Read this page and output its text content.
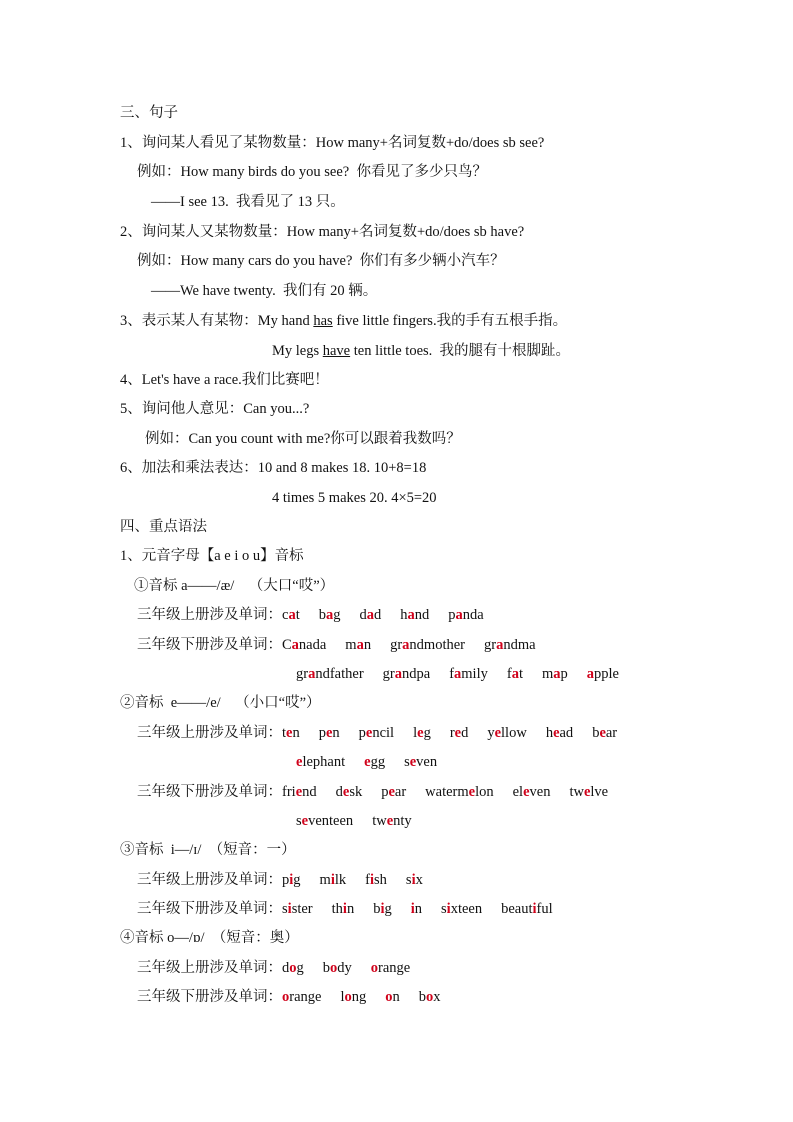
三、句子
1、询问某人看见了某物数量：How many+名词复数+do/does sb see?
例如：How many birds do you see?  你看见了多少只鸟？
——I see 13.  我看见了 13 只。
2、询问某人又某物数量：How many+名词复数+do/does sb have?
例如：How many cars do you have?  你们有多少辆小汽车？
——We have twenty.  我们有 20 辆。
3、表示某人有某物：My hand has five little fingers.我的手有五根手指。
My legs have ten little toes.  我的腿有十根脚趾。
4、Let's have a race.我们比赛吧！
5、询问他人意见：Can you...?
例如：Can you count with me?你可以跟着我数吗？
6、加法和乘法表达：10 and 8 makes 18. 10+8=18
4 times 5 makes 20. 4×5=20
四、重点语法
1、元音字母【a e i o u】音标
①音标 a——/æ/    （大口“哎”）
三年级上册涉及单词：cat bag dad hand panda
三年级下册涉及单词：Canada man grandmother grandma
grandfather grandpa family fat map apple
②音标  e——/e/    （小口“哎”）
三年级上册涉及单词：ten pen pencil leg red yellow head bear
elephant egg seven
三年级下册涉及单词：friend desk pear watermelon eleven twelve
seventeen twenty
③音标  i—/ɪ/  （短音：一）
三年级上册涉及单词：pig milk fish six
三年级下册涉及单词：sister thin big in sixteen beautiful
④音标 o—/ɒ/  （短音：奥）
三年级上册涉及单词：dog body orange
三年级下册涉及单词：orange long on box
